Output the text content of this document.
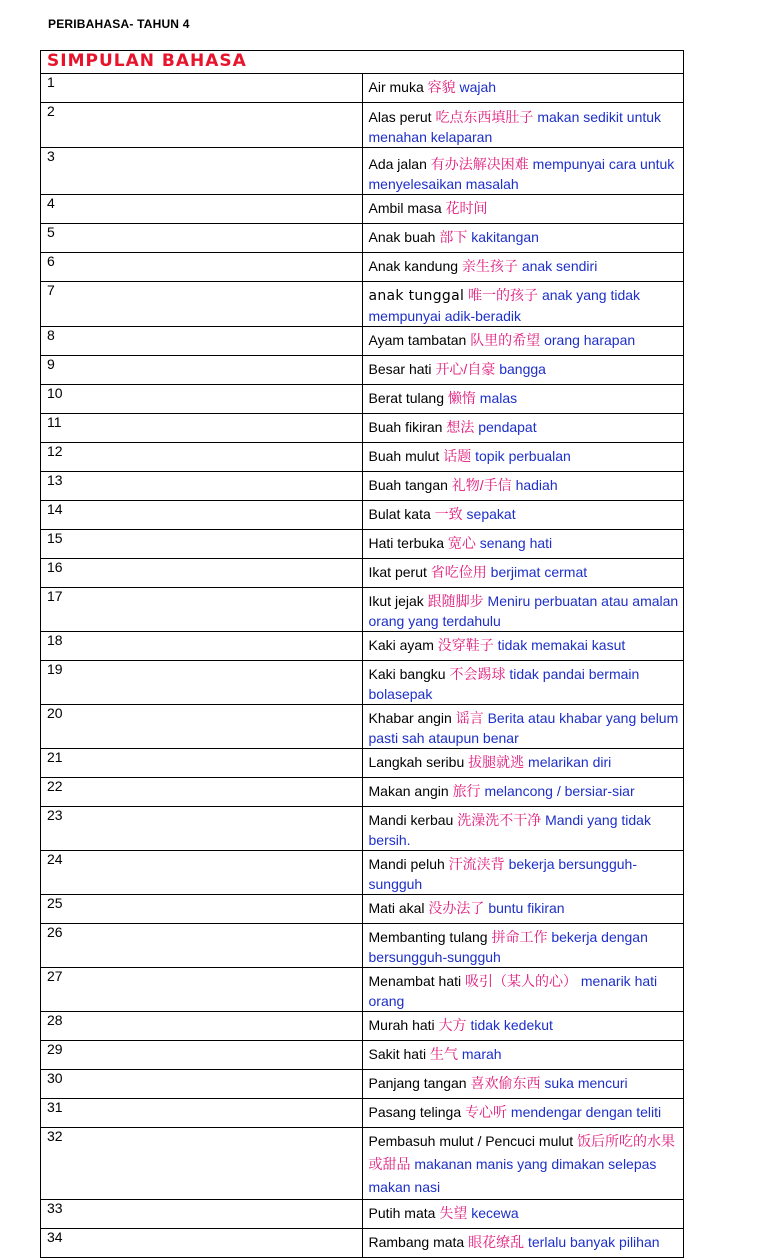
PERIBAHASA- TAHUN 4
SIMPULAN BAHASA	
1	Air muka 容貌 wajah
2	Alas perut 吃点东西填肚子 makan sedikit untuk menahan kelaparan
3	Ada jalan 有办法解决困难 mempunyai cara untuk menyelesaikan masalah
4	Ambil masa 花时间
5	Anak buah 部下 kakitangan
6	Anak kandung 亲生孩子 anak sendiri
7	anak tunggal 唯一的孩子 anak yang tidak mempunyai adik-beradik
8	Ayam tambatan 队里的希望 orang harapan
9	Besar hati 开心/自豪 bangga
10	Berat tulang 懒惰 malas
11	Buah fikiran 想法 pendapat
12	Buah mulut 话题 topik perbualan
13	Buah tangan 礼物/手信 hadiah
14	Bulat kata 一致 sepakat
15	Hati terbuka 宽心 senang hati
16	Ikat perut 省吃俭用 berjimat cermat
17	Ikut jejak 跟随脚步 Meniru perbuatan atau amalan orang yang terdahulu
18	Kaki ayam 没穿鞋子 tidak memakai kasut
19	Kaki bangku 不会踢球 tidak pandai bermain bolasepak
20	Khabar angin 谣言 Berita atau khabar yang belum pasti sah ataupun benar
21	Langkah seribu 拔腿就逃 melarikan diri
22	Makan angin 旅行 melancong / bersiar-siar
23	Mandi kerbau 洗澡洗不干净 Mandi yang tidak bersih.
24	Mandi peluh 汗流浃背 bekerja bersungguh-sungguh
25	Mati akal 没办法了 buntu fikiran
26	Membanting tulang 拼命工作 bekerja dengan bersungguh-sungguh
27	Menambat hati 吸引（某人的心） menarik hati orang
28	Murah hati 大方 tidak kedekut
29	Sakit hati 生气 marah
30	Panjang tangan 喜欢偷东西 suka mencuri
31	Pasang telinga 专心听 mendengar dengan teliti
32	Pembasuh mulut / Pencuci mulut 饭后所吃的水果或甜品 makanan manis yang dimakan selepas makan nasi
33	Putih mata 失望 kecewa
34	Rambang mata 眼花缭乱 terlalu banyak pilihan
